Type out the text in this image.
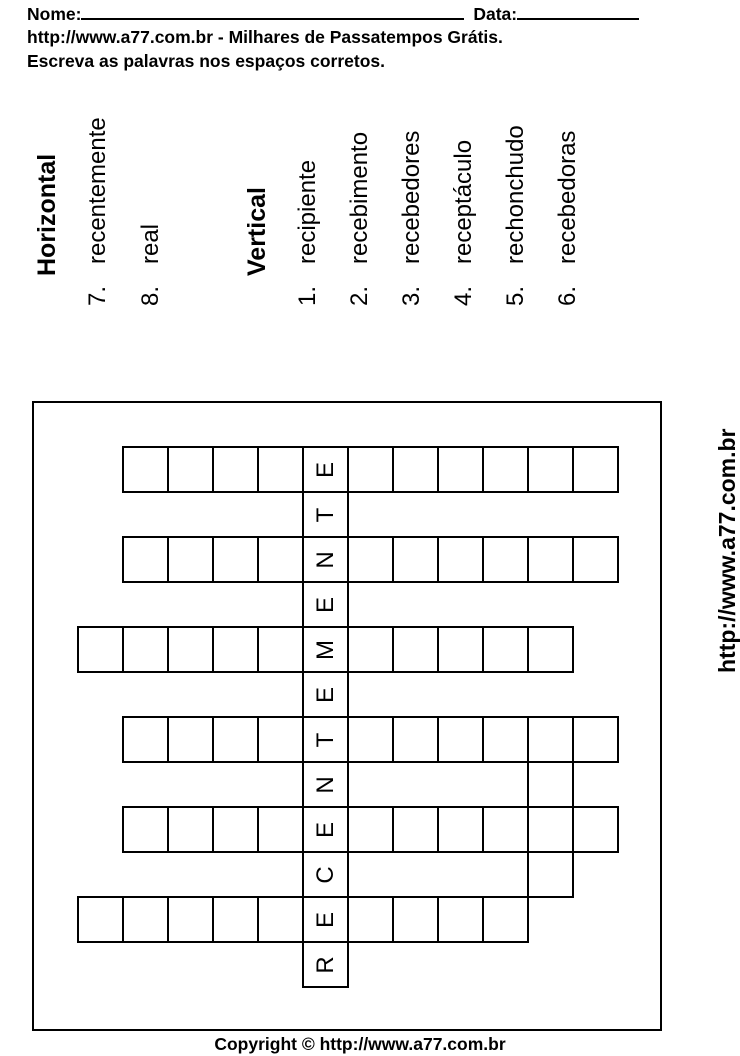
Nome:	Data:
http://www.a77.com.br - Milhares de Passatempos Grátis.
Escreva as palavras nos espaços corretos.
Horizontal
7.recentemente
8.real	Vertical
1.recipiente
2.recebimento
3.recebedores
4.receptáculo
5.rechonchudo
6.recebedoras
E
T
N
E
M
E
T
N
E
C
E
R
http://www.a77.com.br
Copyright © http://www.a77.com.br
